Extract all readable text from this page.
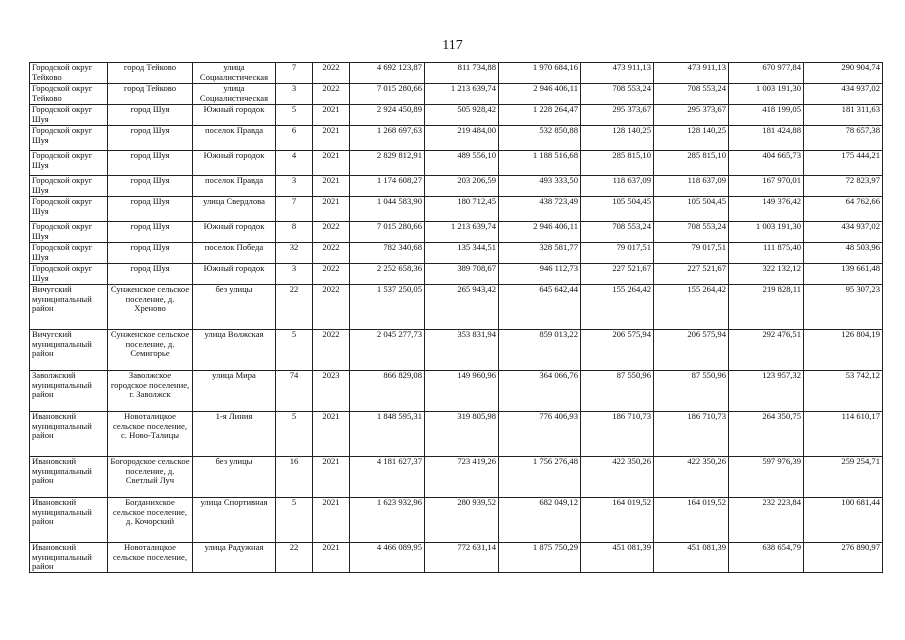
117
Городской округ Тейково	город Тейково	улица Социалистическая	7	2022	4 692 123,87	811 734,88	1 970 684,16	473 911,13	473 911,13	670 977,84	290 904,74
Городской округ Тейково	город Тейково	улица Социалистическая	3	2022	7 015 280,66	1 213 639,74	2 946 406,11	708 553,24	708 553,24	1 003 191,30	434 937,02
Городской округ Шуя	город Шуя	Южный городок	5	2021	2 924 450,89	505 928,42	1 228 264,47	295 373,67	295 373,67	418 199,05	181 311,63
Городской округ Шуя	город Шуя	поселок Правда	6	2021	1 268 697,63	219 484,00	532 850,88	128 140,25	128 140,25	181 424,88	78 657,38
Городской округ Шуя	город Шуя	Южный городок	4	2021	2 829 812,91	489 556,10	1 188 516,68	285 815,10	285 815,10	404 665,73	175 444,21
Городской округ Шуя	город Шуя	поселок Правда	3	2021	1 174 608,27	203 206,59	493 333,50	118 637,09	118 637,09	167 970,01	72 823,97
Городской округ Шуя	город Шуя	улица Свердлова	7	2021	1 044 583,90	180 712,45	438 723,49	105 504,45	105 504,45	149 376,42	64 762,66
Городской округ Шуя	город Шуя	Южный городок	8	2022	7 015 280,66	1 213 639,74	2 946 406,11	708 553,24	708 553,24	1 003 191,30	434 937,02
Городской округ Шуя	город Шуя	поселок Победа	32	2022	782 340,68	135 344,51	328 581,77	79 017,51	79 017,51	111 875,40	48 503,96
Городской округ Шуя	город Шуя	Южный городок	3	2022	2 252 658,36	389 708,67	946 112,73	227 521,67	227 521,67	322 132,12	139 661,48
Вичугский муниципальный район	Сунженское сельское поселение, д. Хреново	без улицы	22	2022	1 537 250,05	265 943,42	645 642,44	155 264,42	155 264,42	219 828,11	95 307,23
Вичугский муниципальный район	Сунженское сельское поселение, д. Семигорье	улица Волжская	5	2022	2 045 277,73	353 831,94	859 013,22	206 575,94	206 575,94	292 476,51	126 804,19
Заволжский муниципальный район	Заволжское городское поселение, г. Заволжск	улица Мира	74	2023	866 829,08	149 960,96	364 066,76	87 550,96	87 550,96	123 957,32	53 742,12
Ивановский муниципальный район	Новоталицкое сельское поселение, с. Ново-Талицы	1-я Линия	5	2021	1 848 595,31	319 805,98	776 406,93	186 710,73	186 710,73	264 350,75	114 610,17
Ивановский муниципальный район	Богородское сельское поселение, д. Светлый Луч	без улицы	16	2021	4 181 627,37	723 419,26	1 756 276,48	422 350,26	422 350,26	597 976,39	259 254,71
Ивановский муниципальный район	Богданихское сельское поселение, д. Кочорский	улица Спортивная	5	2021	1 623 932,96	280 939,52	682 049,12	164 019,52	164 019,52	232 223,84	100 681,44
Ивановский муниципальный район	Новоталицкое сельское поселение,	улица Радужная	22	2021	4 466 089,95	772 631,14	1 875 750,29	451 081,39	451 081,39	638 654,79	276 890,97
